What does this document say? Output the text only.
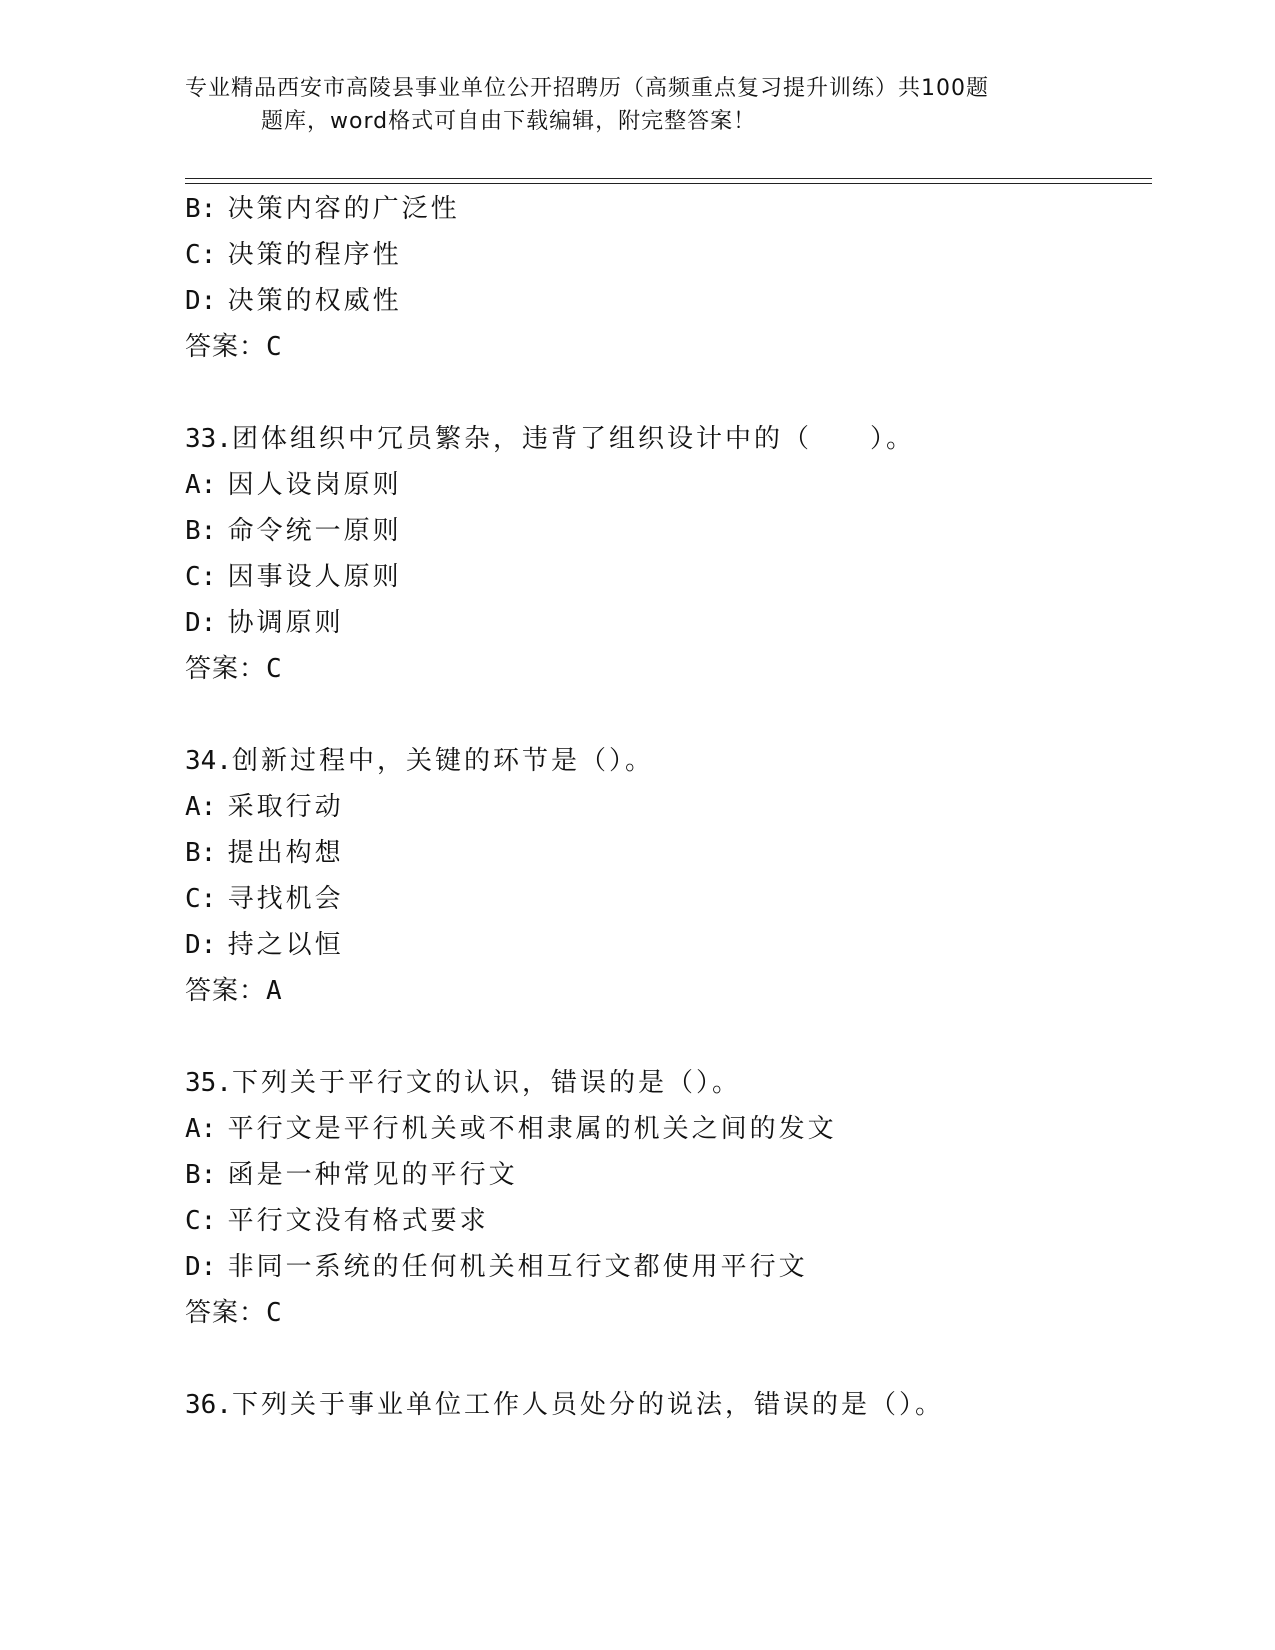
专业精品西安市高陵县事业单位公开招聘历（高频重点复习提升训练）共100题
题库，word格式可自由下载编辑，附完整答案！
B: 决策内容的广泛性
C: 决策的程序性
D: 决策的权威性
答案：C
33.团体组织中冗员繁杂，违背了组织设计中的（　　）。
A: 因人设岗原则
B: 命令统一原则
C: 因事设人原则
D: 协调原则
答案：C
34.创新过程中，关键的环节是（）。
A: 采取行动
B: 提出构想
C: 寻找机会
D: 持之以恒
答案：A
35.下列关于平行文的认识，错误的是（）。
A: 平行文是平行机关或不相隶属的机关之间的发文
B: 函是一种常见的平行文
C: 平行文没有格式要求
D: 非同一系统的任何机关相互行文都使用平行文
答案：C
36.下列关于事业单位工作人员处分的说法，错误的是（）。
